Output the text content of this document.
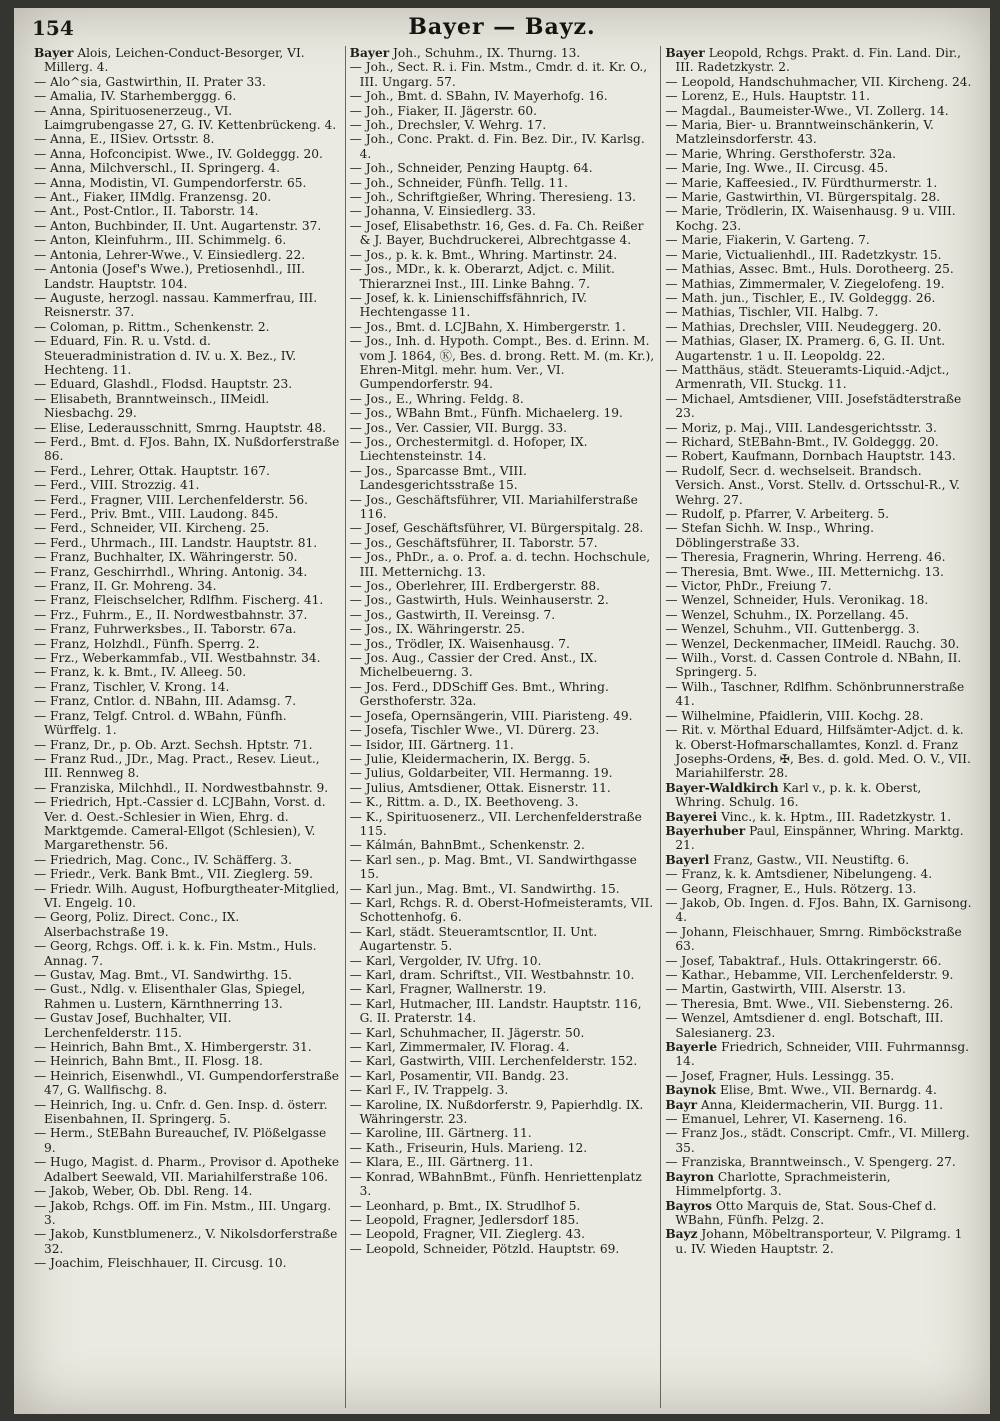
154	Bayer — Bayz.

Bayer Alois, Leichen-Conduct-Besorger, VI. Millerg. 4.

— Alo^sia, Gastwirthin, II. Prater 33.

— Amalia, IV. Starhemberggg. 6.

— Anna, Spirituosenerzeug., VI. Laimgrubengasse 27, G. IV. Kettenbrückeng. 4.

— Anna, E., IISiev. Ortsstr. 8.

— Anna, Hofconcipist. Wwe., IV. Goldeggg. 20.

— Anna, Milchverschl., II. Springerg. 4.

— Anna, Modistin, VI. Gumpendorferstr. 65.

— Ant., Fiaker, IIMdlg. Franzensg. 20.

— Ant., Post-Cntlor., II. Taborstr. 14.

— Anton, Buchbinder, II. Unt. Augartenstr. 37.

— Anton, Kleinfuhrm., III. Schimmelg. 6.

— Antonia, Lehrer-Wwe., V. Einsiedlerg. 22.

— Antonia (Josef's Wwe.), Pretiosenhdl., III. Landstr. Hauptstr. 104.

— Auguste, herzogl. nassau. Kammerfrau, III. Reisnerstr. 37.

— Coloman, p. Rittm., Schenkenstr. 2.

— Eduard, Fin. R. u. Vstd. d. Steueradministration d. IV. u. X. Bez., IV. Hechteng. 11.

— Eduard, Glashdl., Flodsd. Hauptstr. 23.

— Elisabeth, Branntweinsch., IIMeidl. Niesbachg. 29.

— Elise, Lederausschnitt, Smrng. Hauptstr. 48.

— Ferd., Bmt. d. FJos. Bahn, IX. Nußdorferstraße 86.

— Ferd., Lehrer, Ottak. Hauptstr. 167.

— Ferd., VIII. Strozzig. 41.

— Ferd., Fragner, VIII. Lerchenfelderstr. 56.

— Ferd., Priv. Bmt., VIII. Laudong. 845.

— Ferd., Schneider, VII. Kircheng. 25.

— Ferd., Uhrmach., III. Landstr. Hauptstr. 81.

— Franz, Buchhalter, IX. Währingerstr. 50.

— Franz, Geschirrhdl., Whring. Antonig. 34.

— Franz, II. Gr. Mohreng. 34.

— Franz, Fleischselcher, Rdlfhm. Fischerg. 41.

— Frz., Fuhrm., E., II. Nordwestbahnstr. 37.

— Franz, Fuhrwerksbes., II. Taborstr. 67a.

— Franz, Holzhdl., Fünfh. Sperrg. 2.

— Frz., Weberkammfab., VII. Westbahnstr. 34.

— Franz, k. k. Bmt., IV. Alleeg. 50.

— Franz, Tischler, V. Krong. 14.

— Franz, Cntlor. d. NBahn, III. Adamsg. 7.

— Franz, Telgf. Cntrol. d. WBahn, Fünfh. Würffelg. 1.

— Franz, Dr., p. Ob. Arzt. Sechsh. Hptstr. 71.

— Franz Rud., JDr., Mag. Pract., Resev. Lieut., III. Rennweg 8.

— Franziska, Milchhdl., II. Nordwestbahnstr. 9.

— Friedrich, Hpt.-Cassier d. LCJBahn, Vorst. d. Ver. d. Oest.-Schlesier in Wien, Ehrg. d. Marktgemde. Cameral-Ellgot (Schlesien), V. Margarethenstr. 56.

— Friedrich, Mag. Conc., IV. Schäfferg. 3.

— Friedr., Verk. Bank Bmt., VII. Zieglerg. 59.

— Friedr. Wilh. August, Hofburgtheater-Mitglied, VI. Engelg. 10.

— Georg, Poliz. Direct. Conc., IX. Alserbachstraße 19.

— Georg, Rchgs. Off. i. k. k. Fin. Mstm., Huls. Annag. 7.

— Gustav, Mag. Bmt., VI. Sandwirthg. 15.

— Gust., Ndlg. v. Elisenthaler Glas, Spiegel, Rahmen u. Lustern, Kärnthnerring 13.

— Gustav Josef, Buchhalter, VII. Lerchenfelderstr. 115.

— Heinrich, Bahn Bmt., X. Himbergerstr. 31.

— Heinrich, Bahn Bmt., II. Flosg. 18.

— Heinrich, Eisenwhdl., VI. Gumpendorferstraße 47, G. Wallfischg. 8.

— Heinrich, Ing. u. Cnfr. d. Gen. Insp. d. österr. Eisenbahnen, II. Springerg. 5.

— Herm., StEBahn Bureauchef, IV. Plößelgasse 9.

— Hugo, Magist. d. Pharm., Provisor d. Apotheke Adalbert Seewald, VII. Mariahilferstraße 106.

— Jakob, Weber, Ob. Dbl. Reng. 14.

— Jakob, Rchgs. Off. im Fin. Mstm., III. Ungarg. 3.

— Jakob, Kunstblumenerz., V. Nikolsdorferstraße 32.

— Joachim, Fleischhauer, II. Circusg. 10.

Bayer Joh., Schuhm., IX. Thurng. 13.

— Joh., Sect. R. i. Fin. Mstm., Cmdr. d. it. Kr. O., III. Ungarg. 57.

— Joh., Bmt. d. SBahn, IV. Mayerhofg. 16.

— Joh., Fiaker, II. Jägerstr. 60.

— Joh., Drechsler, V. Wehrg. 17.

— Joh., Conc. Prakt. d. Fin. Bez. Dir., IV. Karlsg. 4.

— Joh., Schneider, Penzing Hauptg. 64.

— Joh., Schneider, Fünfh. Tellg. 11.

— Joh., Schriftgießer, Whring. Theresieng. 13.

— Johanna, V. Einsiedlerg. 33.

— Josef, Elisabethstr. 16, Ges. d. Fa. Ch. Reißer & J. Bayer, Buchdruckerei, Albrechtgasse 4.

— Jos., p. k. k. Bmt., Whring. Martinstr. 24.

— Jos., MDr., k. k. Oberarzt, Adjct. c. Milit. Thierarznei Inst., III. Linke Bahng. 7.

— Josef, k. k. Linienschiffsfähnrich, IV. Hechtengasse 11.

— Jos., Bmt. d. LCJBahn, X. Himbergerstr. 1.

— Jos., Inh. d. Hypoth. Compt., Bes. d. Erinn. M. vom J. 1864, Ⓚ, Bes. d. brong. Rett. M. (m. Kr.), Ehren-Mitgl. mehr. hum. Ver., VI. Gumpendorferstr. 94.

— Jos., E., Whring. Feldg. 8.

— Jos., WBahn Bmt., Fünfh. Michaelerg. 19.

— Jos., Ver. Cassier, VII. Burgg. 33.

— Jos., Orchestermitgl. d. Hofoper, IX. Liechtensteinstr. 14.

— Jos., Sparcasse Bmt., VIII. Landesgerichtsstraße 15.

— Jos., Geschäftsführer, VII. Mariahilferstraße 116.

— Josef, Geschäftsführer, VI. Bürgerspitalg. 28.

— Jos., Geschäftsführer, II. Taborstr. 57.

— Jos., PhDr., a. o. Prof. a. d. techn. Hochschule, III. Metternichg. 13.

— Jos., Oberlehrer, III. Erdbergerstr. 88.

— Jos., Gastwirth, Huls. Weinhauserstr. 2.

— Jos., Gastwirth, II. Vereinsg. 7.

— Jos., IX. Währingerstr. 25.

— Jos., Trödler, IX. Waisenhausg. 7.

— Jos. Aug., Cassier der Cred. Anst., IX. Michelbeuerng. 3.

— Jos. Ferd., DDSchiff Ges. Bmt., Whring. Gersthoferstr. 32a.

— Josefa, Opernsängerin, VIII. Piaristeng. 49.

— Josefa, Tischler Wwe., VI. Dürerg. 23.

— Isidor, III. Gärtnerg. 11.

— Julie, Kleidermacherin, IX. Bergg. 5.

— Julius, Goldarbeiter, VII. Hermanng. 19.

— Julius, Amtsdiener, Ottak. Eisnerstr. 11.

— K., Rittm. a. D., IX. Beethoveng. 3.

— K., Spirituosenerz., VII. Lerchenfelderstraße 115.

— Kálmán, BahnBmt., Schenkenstr. 2.

— Karl sen., p. Mag. Bmt., VI. Sandwirthgasse 15.

— Karl jun., Mag. Bmt., VI. Sandwirthg. 15.

— Karl, Rchgs. R. d. Oberst-Hofmeisteramts, VII. Schottenhofg. 6.

— Karl, städt. Steueramtscntlor, II. Unt. Augartenstr. 5.

— Karl, Vergolder, IV. Ufrg. 10.

— Karl, dram. Schriftst., VII. Westbahnstr. 10.

— Karl, Fragner, Wallnerstr. 19.

— Karl, Hutmacher, III. Landstr. Hauptstr. 116, G. II. Praterstr. 14.

— Karl, Schuhmacher, II. Jägerstr. 50.

— Karl, Zimmermaler, IV. Florag. 4.

— Karl, Gastwirth, VIII. Lerchenfelderstr. 152.

— Karl, Posamentir, VII. Bandg. 23.

— Karl F., IV. Trappelg. 3.

— Karoline, IX. Nußdorferstr. 9, Papierhdlg. IX. Währingerstr. 23.

— Karoline, III. Gärtnerg. 11.

— Kath., Friseurin, Huls. Marieng. 12.

— Klara, E., III. Gärtnerg. 11.

— Konrad, WBahnBmt., Fünfh. Henriettenplatz 3.

— Leonhard, p. Bmt., IX. Strudlhof 5.

— Leopold, Fragner, Jedlersdorf 185.

— Leopold, Fragner, VII. Zieglerg. 43.

— Leopold, Schneider, Pötzld. Hauptstr. 69.

Bayer Leopold, Rchgs. Prakt. d. Fin. Land. Dir., III. Radetzkystr. 2.

— Leopold, Handschuhmacher, VII. Kircheng. 24.

— Lorenz, E., Huls. Hauptstr. 11.

— Magdal., Baumeister-Wwe., VI. Zollerg. 14.

— Maria, Bier- u. Branntweinschänkerin, V. Matzleinsdorferstr. 43.

— Marie, Whring. Gersthoferstr. 32a.

— Marie, Ing. Wwe., II. Circusg. 45.

— Marie, Kaffeesied., IV. Fürdthurmerstr. 1.

— Marie, Gastwirthin, VI. Bürgerspitalg. 28.

— Marie, Trödlerin, IX. Waisenhausg. 9 u. VIII. Kochg. 23.

— Marie, Fiakerin, V. Garteng. 7.

— Marie, Victualienhdl., III. Radetzkystr. 15.

— Mathias, Assec. Bmt., Huls. Dorotheerg. 25.

— Mathias, Zimmermaler, V. Ziegelofeng. 19.

— Math. jun., Tischler, E., IV. Goldeggg. 26.

— Mathias, Tischler, VII. Halbg. 7.

— Mathias, Drechsler, VIII. Neudeggerg. 20.

— Mathias, Glaser, IX. Pramerg. 6, G. II. Unt. Augartenstr. 1 u. II. Leopoldg. 22.

— Matthäus, städt. Steueramts-Liquid.-Adjct., Armenrath, VII. Stuckg. 11.

— Michael, Amtsdiener, VIII. Josefstädterstraße 23.

— Moriz, p. Maj., VIII. Landesgerichtsstr. 3.

— Richard, StEBahn-Bmt., IV. Goldeggg. 20.

— Robert, Kaufmann, Dornbach Hauptstr. 143.

— Rudolf, Secr. d. wechselseit. Brandsch. Versich. Anst., Vorst. Stellv. d. Ortsschul-R., V. Wehrg. 27.

— Rudolf, p. Pfarrer, V. Arbeiterg. 5.

— Stefan Sichh. W. Insp., Whring. Döblingerstraße 33.

— Theresia, Fragnerin, Whring. Herreng. 46.

— Theresia, Bmt. Wwe., III. Metternichg. 13.

— Victor, PhDr., Freiung 7.

— Wenzel, Schneider, Huls. Veronikag. 18.

— Wenzel, Schuhm., IX. Porzellang. 45.

— Wenzel, Schuhm., VII. Guttenbergg. 3.

— Wenzel, Deckenmacher, IIMeidl. Rauchg. 30.

— Wilh., Vorst. d. Cassen Controle d. NBahn, II. Springerg. 5.

— Wilh., Taschner, Rdlfhm. Schönbrunnerstraße 41.

— Wilhelmine, Pfaidlerin, VIII. Kochg. 28.

— Rit. v. Mörthal Eduard, Hilfsämter-Adjct. d. k. k. Oberst-Hofmarschallamtes, Konzl. d. Franz Josephs-Ordens, ✠, Bes. d. gold. Med. O. V., VII. Mariahilferstr. 28.

Bayer-Waldkirch Karl v., p. k. k. Oberst, Whring. Schulg. 16.

Bayerei Vinc., k. k. Hptm., III. Radetzkystr. 1.

Bayerhuber Paul, Einspänner, Whring. Marktg. 21.

Bayerl Franz, Gastw., VII. Neustiftg. 6.

— Franz, k. k. Amtsdiener, Nibelungeng. 4.

— Georg, Fragner, E., Huls. Rötzerg. 13.

— Jakob, Ob. Ingen. d. FJos. Bahn, IX. Garnisong. 4.

— Johann, Fleischhauer, Smrng. Rimböckstraße 63.

— Josef, Tabaktraf., Huls. Ottakringerstr. 66.

— Kathar., Hebamme, VII. Lerchenfelderstr. 9.

— Martin, Gastwirth, VIII. Alserstr. 13.

— Theresia, Bmt. Wwe., VII. Siebensterng. 26.

— Wenzel, Amtsdiener d. engl. Botschaft, III. Salesianerg. 23.

Bayerle Friedrich, Schneider, VIII. Fuhrmannsg. 14.

— Josef, Fragner, Huls. Lessingg. 35.

Baynok Elise, Bmt. Wwe., VII. Bernardg. 4.

Bayr Anna, Kleidermacherin, VII. Burgg. 11.

— Emanuel, Lehrer, VI. Kaserneng. 16.

— Franz Jos., städt. Conscript. Cmfr., VI. Millerg. 35.

— Franziska, Branntweinsch., V. Spengerg. 27.

Bayron Charlotte, Sprachmeisterin, Himmelpfortg. 3.

Bayros Otto Marquis de, Stat. Sous-Chef d. WBahn, Fünfh. Pelzg. 2.

Bayz Johann, Möbeltransporteur, V. Pilgramg. 1 u. IV. Wieden Hauptstr. 2.
